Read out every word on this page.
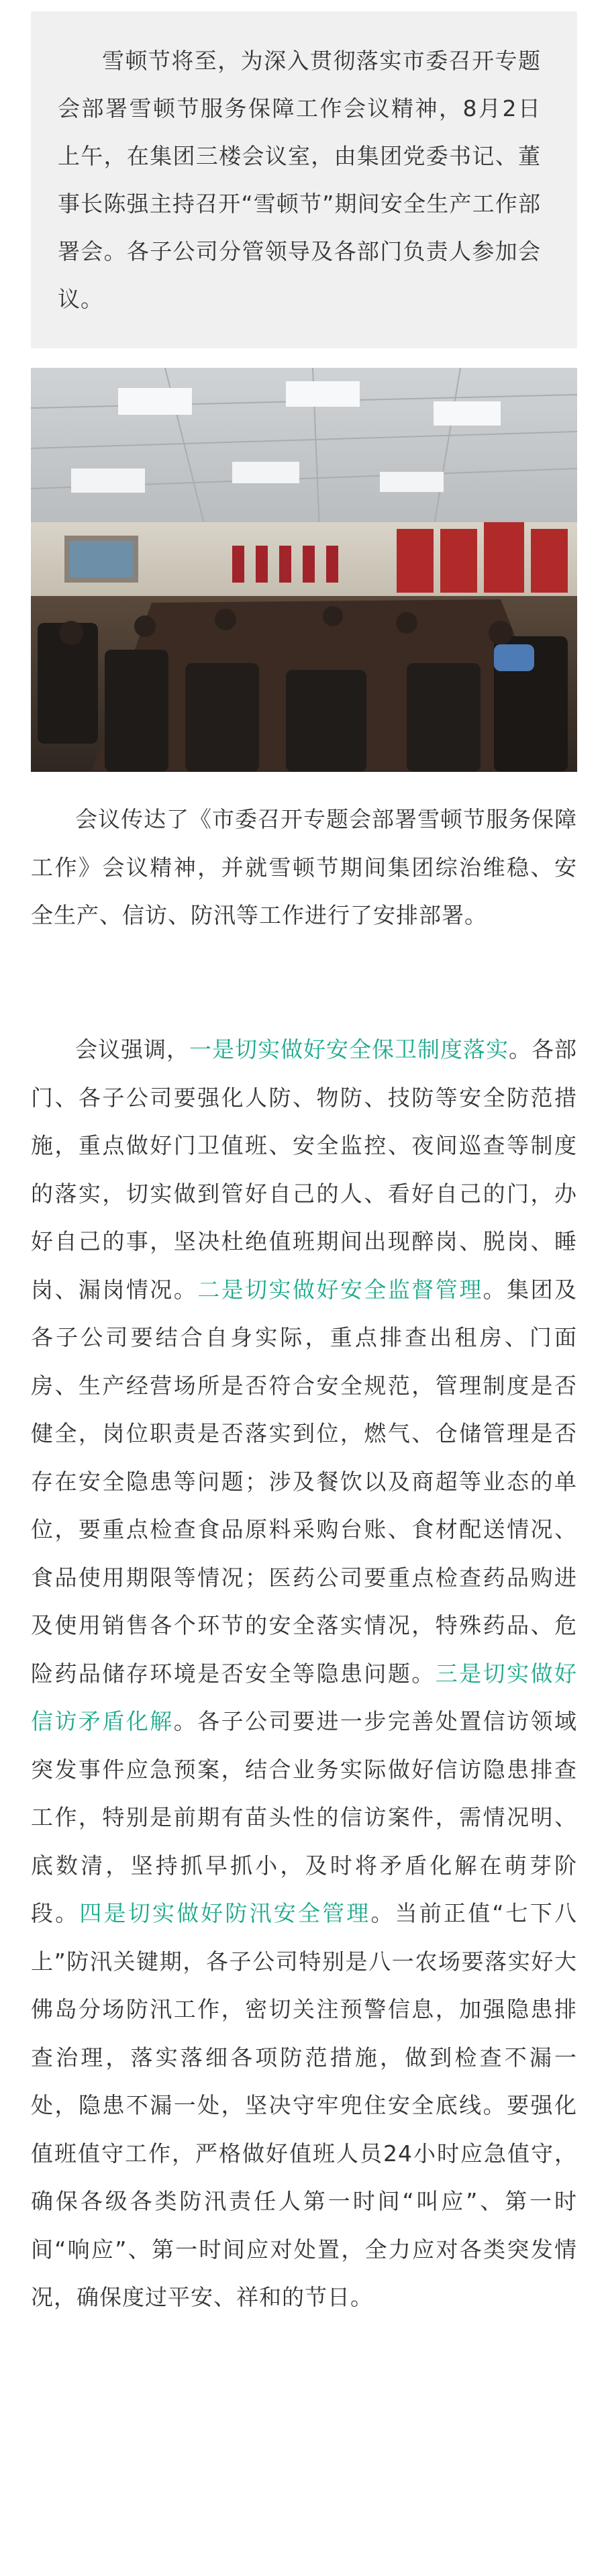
雪顿节将至，为深入贯彻落实市委召开专题会部署雪顿节服务保障工作会议精神，8月2日上午，在集团三楼会议室，由集团党委书记、董事长陈强主持召开“雪顿节”期间安全生产工作部署会。各子公司分管领导及各部门负责人参加会议。

会议传达了《市委召开专题会部署雪顿节服务保障工作》会议精神，并就雪顿节期间集团综治维稳、安全生产、信访、防汛等工作进行了安排部署。

会议强调，一是切实做好安全保卫制度落实。各部门、各子公司要强化人防、物防、技防等安全防范措施，重点做好门卫值班、安全监控、夜间巡查等制度的落实，切实做到管好自己的人、看好自己的门，办好自己的事，坚决杜绝值班期间出现醉岗、脱岗、睡岗、漏岗情况。二是切实做好安全监督管理。集团及各子公司要结合自身实际，重点排查出租房、门面房、生产经营场所是否符合安全规范，管理制度是否健全，岗位职责是否落实到位，燃气、仓储管理是否存在安全隐患等问题；涉及餐饮以及商超等业态的单位，要重点检查食品原料采购台账、食材配送情况、食品使用期限等情况；医药公司要重点检查药品购进及使用销售各个环节的安全落实情况，特殊药品、危险药品储存环境是否安全等隐患问题。三是切实做好信访矛盾化解。各子公司要进一步完善处置信访领域突发事件应急预案，结合业务实际做好信访隐患排查工作，特别是前期有苗头性的信访案件，需情况明、底数清，坚持抓早抓小，及时将矛盾化解在萌芽阶段。四是切实做好防汛安全管理。当前正值“七下八上”防汛关键期，各子公司特别是八一农场要落实好大佛岛分场防汛工作，密切关注预警信息，加强隐患排查治理，落实落细各项防范措施，做到检查不漏一处，隐患不漏一处，坚决守牢兜住安全底线。要强化值班值守工作，严格做好值班人员24小时应急值守，确保各级各类防汛责任人第一时间“叫应”、第一时间“响应”、第一时间应对处置，全力应对各类突发情况，确保度过平安、祥和的节日。
